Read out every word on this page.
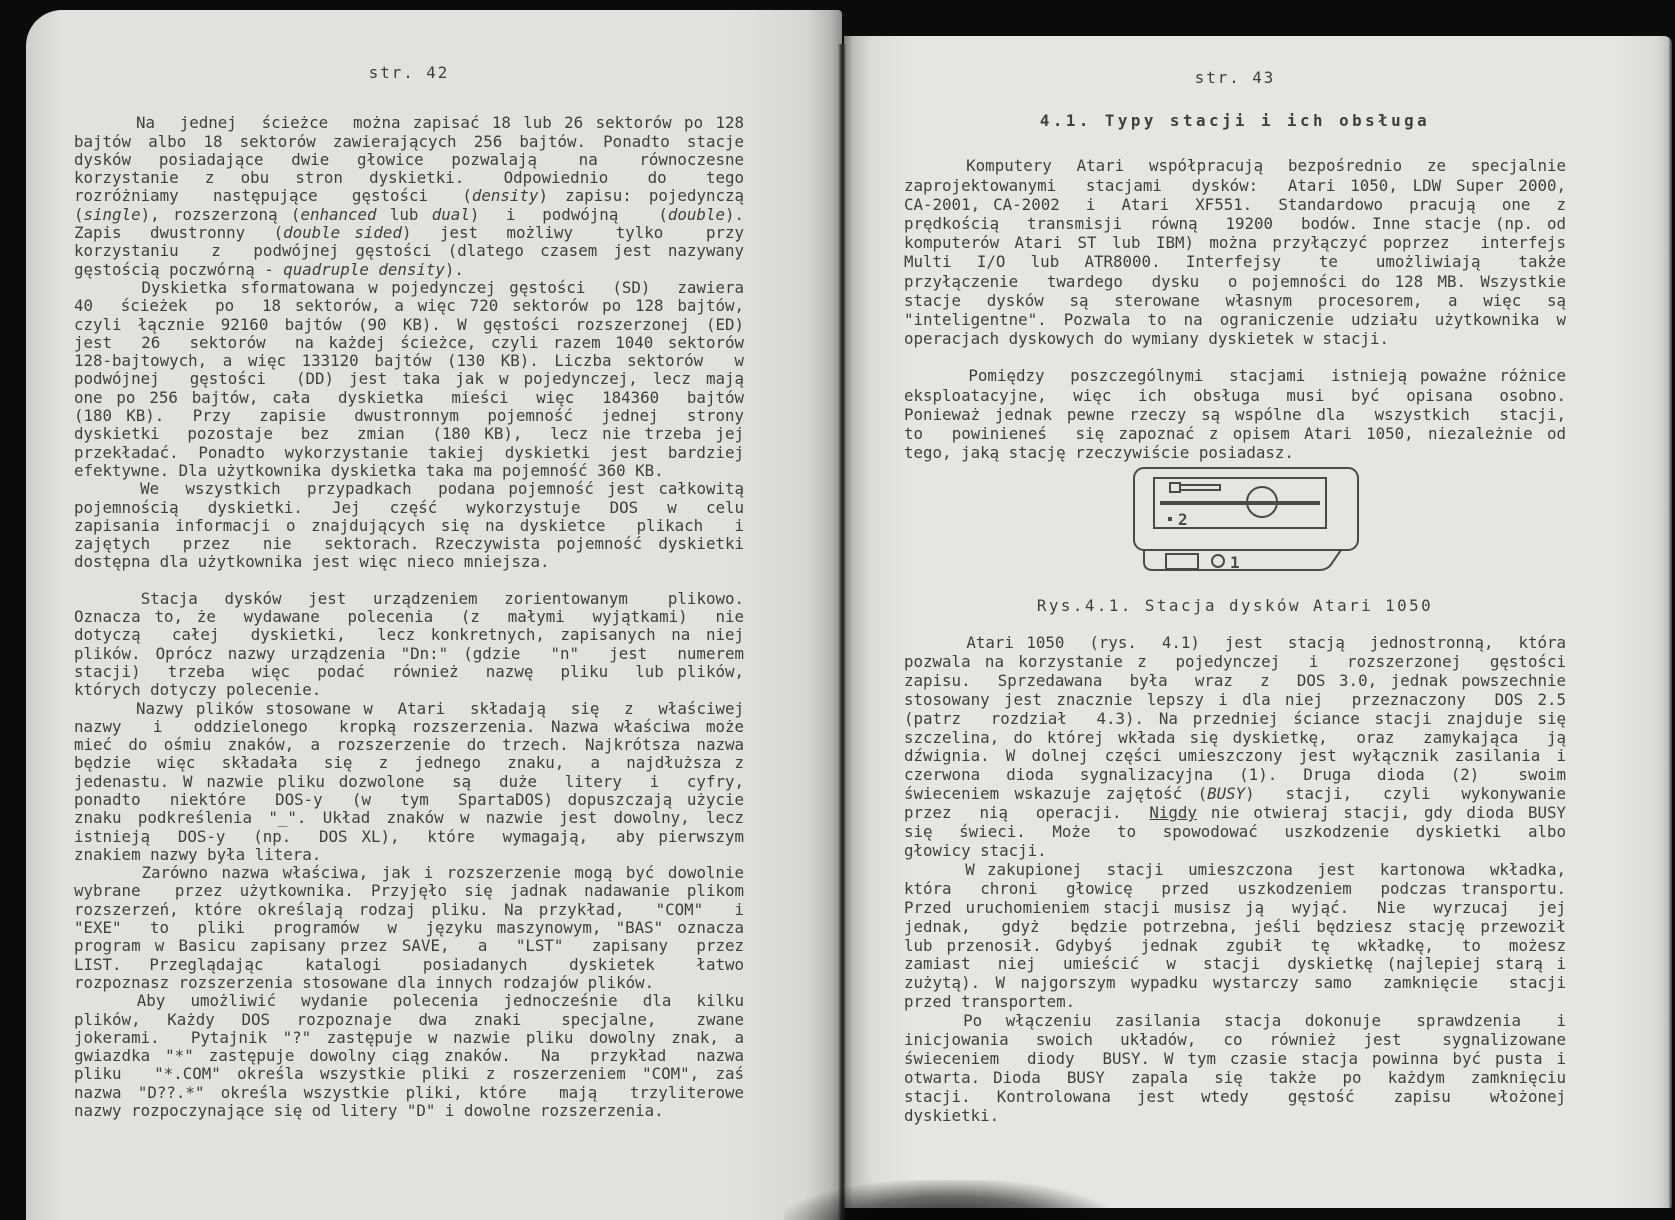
str. 42
Na  jednej  ścieżce  można zapisać 18 lub 26 sektorów po 128
bajtów albo 18 sektorów zawierających 256 bajtów. Ponadto stacje
dysków  posiadające  dwie  głowice  pozwalają   na   równoczesne
korzystanie  z  obu  stron  dyskietki.   Odpowiednio   do   tego
rozróżniamy  następujące  gęstości  (density) zapisu: pojedynczą
(single), rozszerzoną (enhanced lub dual)  i  podwójną   (double).
Zapis  dwustronny  (double sided)  jest  możliwy   tylko   przy
korzystaniu  z  podwójnej gęstości (dlatego czasem jest nazywany
gęstością poczwórną - quadruple density).
Dyskietka sformatowana w pojedynczej gęstości  (SD)  zawiera
40  ścieżek  po  18 sektorów, a więc 720 sektorów po 128 bajtów,
czyli łącznie 92160 bajtów (90 KB). W gęstości rozszerzonej (ED)
jest  26  sektorów  na każdej ścieżce, czyli razem 1040 sektorów
128-bajtowych, a więc 133120 bajtów (130 KB). Liczba sektorów  w
podwójnej  gęstości  (DD) jest taka jak w pojedynczej, lecz mają
one po 256 bajtów, cała  dyskietka  mieści  więc  184360  bajtów
(180 KB).  Przy  zapisie  dwustronnym  pojemność  jednej  strony
dyskietki  pozostaje  bez  zmian  (180 KB),  lecz nie trzeba jej
przekładać. Ponadto wykorzystanie takiej dyskietki jest bardziej
efektywne. Dla użytkownika dyskietka taka ma pojemność 360 KB.
We  wszystkich  przypadkach  podana pojemność jest całkowitą
pojemnością  dyskietki.  Jej  część  wykorzystuje  DOS  w  celu
zapisania informacji o znajdujących się na dyskietce  plikach  i
zajętych  przez  nie  sektorach. Rzeczywista pojemność dyskietki
dostępna dla użytkownika jest więc nieco mniejsza.
Stacja  dysków  jest  urządzeniem  zorientowanym   plikowo.
Oznacza to, że  wydawane  polecenia  (z  małymi  wyjątkami)  nie
dotyczą  całej  dyskietki,  lecz konkretnych, zapisanych na niej
plików. Oprócz nazwy urządzenia "Dn:" (gdzie  "n"  jest  numerem
stacji)  trzeba  więc  podać  również  nazwę  pliku  lub plików,
których dotyczy polecenie.
Nazwy plików stosowane w  Atari  składają  się  z  właściwej
nazwy  i  oddzielonego  kropką rozszerzenia. Nazwa właściwa może
mieć do ośmiu znaków, a rozszerzenie do trzech. Najkrótsza nazwa
będzie  więc  składała  się  z  jednego  znaku,  a  najdłuższa z
jedenastu. W nazwie pliku dozwolone  są  duże  litery  i  cyfry,
ponadto  niektóre  DOS-y  (w  tym  SpartaDOS) dopuszczają użycie
znaku podkreślenia "_". Układ znaków w nazwie jest dowolny, lecz
istnieją  DOS-y  (np.  DOS XL),  które  wymagają,  aby pierwszym
znakiem nazwy była litera.
Zarówno nazwa właściwa, jak i rozszerzenie mogą być dowolnie
wybrane  przez użytkownika. Przyjęło się jadnak nadawanie plikom
rozszerzeń, które określają rodzaj pliku. Na przykład,  "COM"  i
"EXE"  to  pliki  programów  w  języku maszynowym, "BAS" oznacza
program w Basicu zapisany przez SAVE,  a  "LST"  zapisany  przez
LIST.  Przeglądając   katalogi   posiadanych   dyskietek   łatwo
rozpoznasz rozszerzenia stosowane dla innych rodzajów plików.
Aby  umożliwić  wydanie  polecenia  jednocześnie  dla  kilku
plików,  Każdy  DOS  rozpoznaje  dwa  znaki   specjalne,   zwane
jokerami.  Pytajnik "?" zastępuje w nazwie pliku dowolny znak, a
gwiazdka "*" zastępuje dowolny ciąg znaków.  Na  przykład  nazwa
pliku  "*.COM" określa wszystkie pliki z roszerzeniem "COM", zaś
nazwa "D??.*" określa wszystkie pliki, które  mają  trzyliterowe
nazwy rozpoczynające się od litery "D" i dowolne rozszerzenia.
str. 43
4.1. Typy stacji i ich obsługa
Komputery  Atari  współpracują  bezpośrednio  ze  specjalnie
zaprojektowanymi  stacjami  dysków:  Atari 1050, LDW Super 2000,
CA-2001, CA-2002  i  Atari  XF551.  Standardowo  pracują  one  z
prędkością  transmisji  równą  19200  bodów. Inne stacje (np. od
komputerów Atari ST lub IBM) można przyłączyć poprzez  interfejs
Multi  I/O  lub  ATR8000.  Interfejsy   te   umożliwiają   także
przyłączenie  twardego  dysku  o pojemności do 128 MB. Wszystkie
stacje  dysków  są  sterowane  własnym  procesorem,  a  więc  są
"inteligentne". Pozwala to na ograniczenie udziału użytkownika w
operacjach dyskowych do wymiany dyskietek w stacji.
Pomiędzy  poszczególnymi  stacjami  istnieją poważne różnice
eksploatacyjne,  więc  ich  obsługa  musi  być  opisana  osobno.
Ponieważ jednak pewne rzeczy są wspólne dla  wszystkich  stacji,
to  powinieneś  się zapoznać z opisem Atari 1050, niezależnie od
tego, jaką stację rzeczywiście posiadasz.
2
1
Rys.4.1. Stacja dysków Atari 1050
Atari 1050  (rys.  4.1)  jest  stacją  jednostronną,  która
pozwala na korzystanie z  pojedynczej  i  rozszerzonej  gęstości
zapisu.  Sprzedawana  była  wraz  z  DOS 3.0, jednak powszechnie
stosowany jest znacznie lepszy i dla niej  przeznaczony  DOS 2.5
(patrz  rozdział  4.3). Na przedniej ściance stacji znajduje się
szczelina, do której wkłada się dyskietkę,  oraz  zamykająca  ją
dźwignia. W dolnej części umieszczony jest wyłącznik zasilania i
czerwona  dioda  sygnalizacyjna  (1).  Druga  dioda  (2)   swoim
świeceniem wskazuje zajętość (BUSY)  stacji,  czyli  wykonywanie
przez  nią  operacji.  Nigdy nie otwieraj stacji, gdy dioda BUSY
się  świeci.  Może  to  spowodować  uszkodzenie  dyskietki  albo
głowicy stacji.
W zakupionej  stacji  umieszczona  jest  kartonowa  wkładka,
która  chroni  głowicę  przed  uszkodzeniem  podczas transportu.
Przed uruchomieniem stacji musisz ją  wyjąć.  Nie  wyrzucaj  jej
jednak,  gdyż  będzie potrzebna, jeśli będziesz stację przewoził
lub przenosił. Gdybyś  jednak  zgubił  tę  wkładkę,  to  możesz
zamiast  niej  umieścić  w  stacji  dyskietkę (najlepiej starą i
zużytą). W najgorszym wypadku wystarczy samo  zamknięcie  stacji
przed transportem.
Po  włączeniu  zasilania  stacja  dokonuje   sprawdzenia   i
inicjowania  swoich  układów,  co  również  jest   sygnalizowane
świeceniem  diody  BUSY. W tym czasie stacja powinna być pusta i
otwarta. Dioda  BUSY  zapala  się  także  po  każdym  zamknięciu
stacji.  Kontrolowana  jest  wtedy   gęstość   zapisu   włożonej
dyskietki.
